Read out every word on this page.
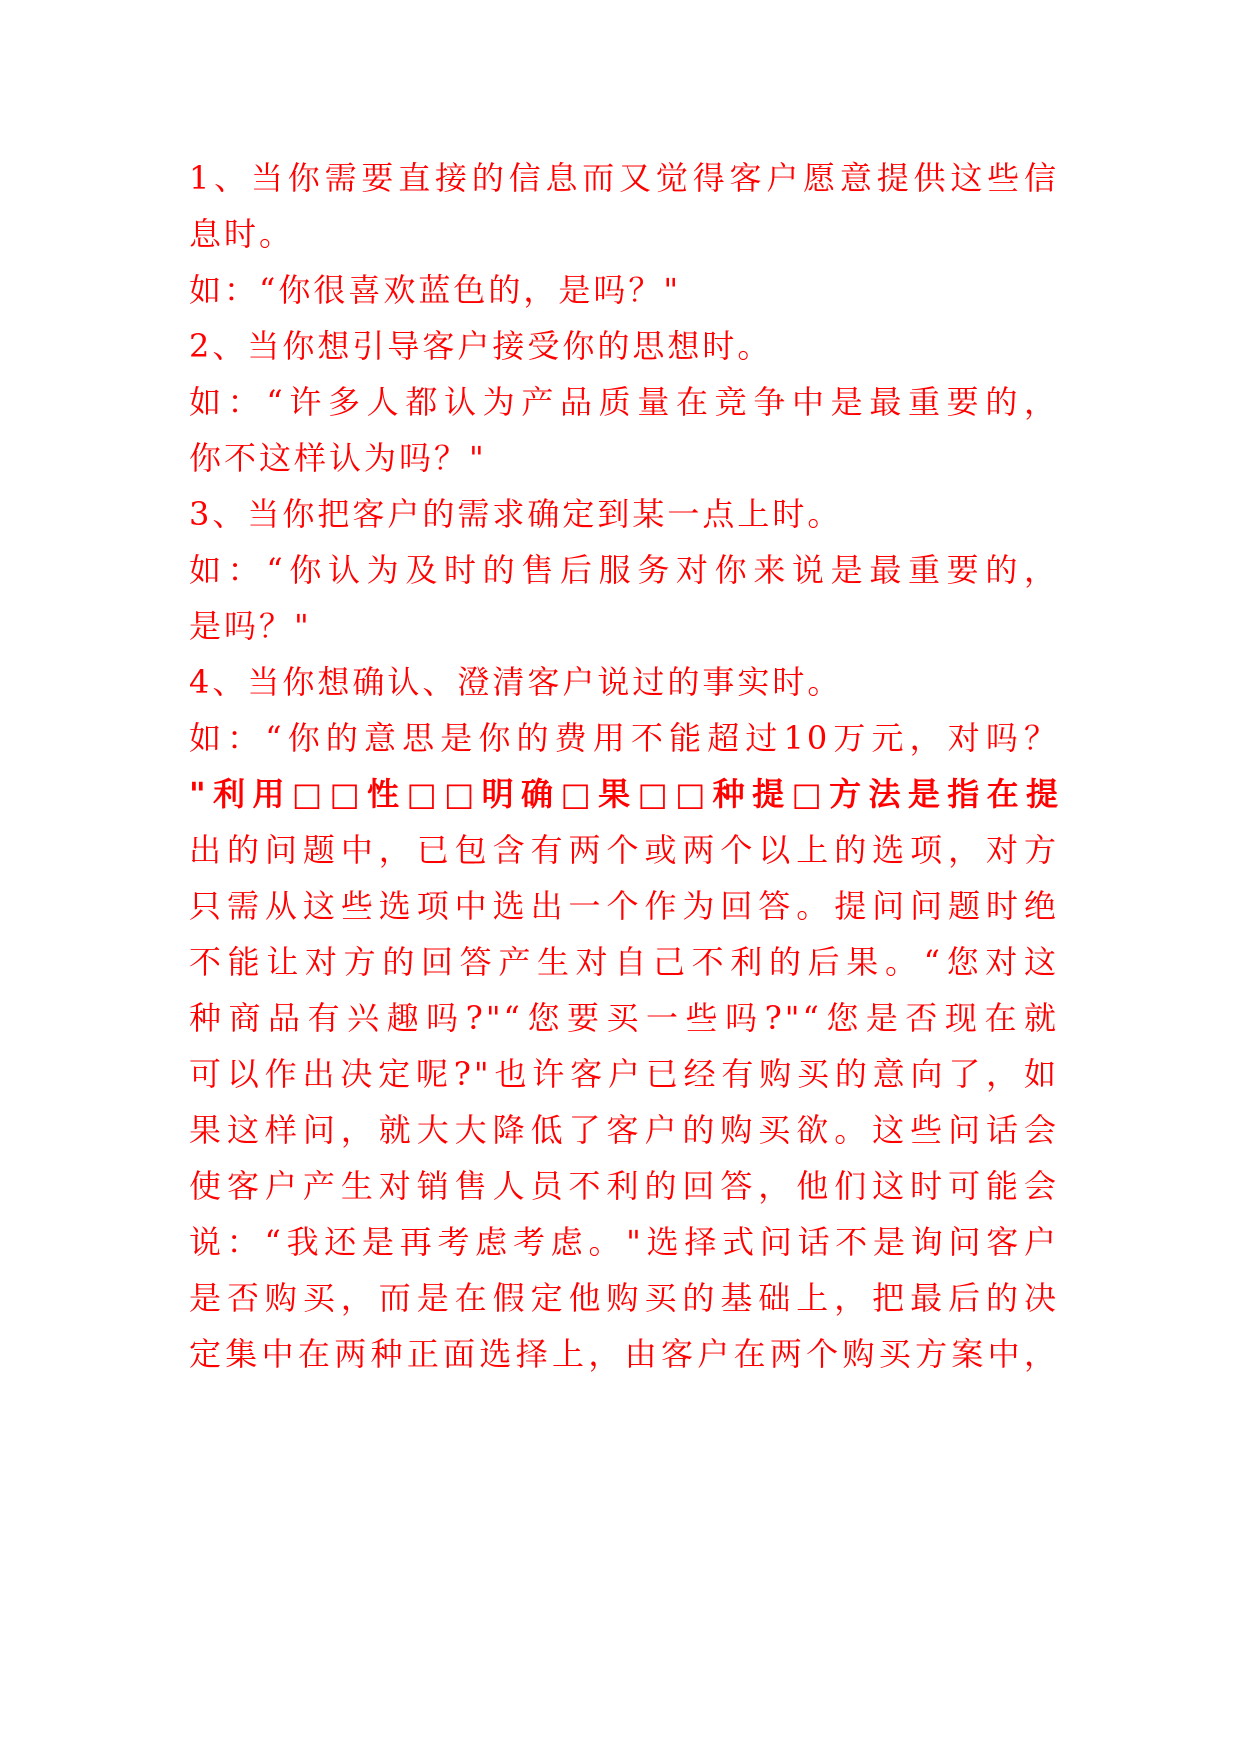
1、当你需要直接的信息而又觉得客户愿意提供这些信
息时。
如：“你很喜欢蓝色的，是吗？"
2、当你想引导客户接受你的思想时。
如：“许多人都认为产品质量在竞争中是最重要的，
你不这样认为吗？"
3、当你把客户的需求确定到某一点上时。
如：“你认为及时的售后服务对你来说是最重要的，
是吗？"
4、当你想确认、澄清客户说过的事实时。
如：“你的意思是你的费用不能超过10万元，对吗？
"利用□□性□□明确□果□□种提□方法是指在提
出的问题中，已包含有两个或两个以上的选项，对方
只需从这些选项中选出一个作为回答。提问问题时绝
不能让对方的回答产生对自己不利的后果。“您对这
种商品有兴趣吗?"“您要买一些吗?"“您是否现在就
可以作出决定呢?"也许客户已经有购买的意向了，如
果这样问，就大大降低了客户的购买欲。这些问话会
使客户产生对销售人员不利的回答，他们这时可能会
说：“我还是再考虑考虑。"选择式问话不是询问客户
是否购买，而是在假定他购买的基础上，把最后的决
定集中在两种正面选择上，由客户在两个购买方案中，
